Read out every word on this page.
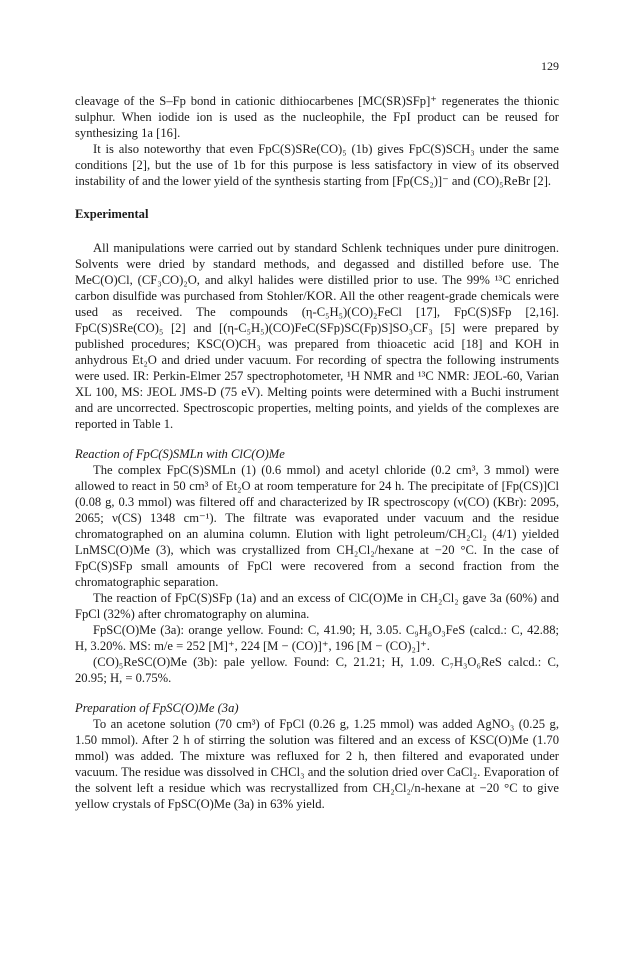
129

cleavage of the S–Fp bond in cationic dithiocarbenes [MC(SR)SFp]⁺ regenerates the thionic sulphur. When iodide ion is used as the nucleophile, the FpI product can be reused for synthesizing 1a [16].

It is also noteworthy that even FpC(S)SRe(CO)₅ (1b) gives FpC(S)SCH₃ under the same conditions [2], but the use of 1b for this purpose is less satisfactory in view of its observed instability of and the lower yield of the synthesis starting from [Fp(CS₂)]⁻ and (CO)₅ReBr [2].

Experimental

All manipulations were carried out by standard Schlenk techniques under pure dinitrogen. Solvents were dried by standard methods, and degassed and distilled before use. The MeC(O)Cl, (CF₃CO)₂O, and alkyl halides were distilled prior to use. The 99% ¹³C enriched carbon disulfide was purchased from Stohler/KOR. All the other reagent-grade chemicals were used as received. The compounds (η-C₅H₅)(CO)₂FeCl [17], FpC(S)SFp [2,16]. FpC(S)SRe(CO)₅ [2] and [(η-C₅H₅)(CO)FeC(SFp)SC(Fp)S]SO₃CF₃ [5] were prepared by published procedures; KSC(O)CH₃ was prepared from thioacetic acid [18] and KOH in anhydrous Et₂O and dried under vacuum. For recording of spectra the following instruments were used. IR: Perkin-Elmer 257 spectrophotometer, ¹H NMR and ¹³C NMR: JEOL-60, Varian XL 100, MS: JEOL JMS-D (75 eV). Melting points were determined with a Buchi instrument and are uncorrected. Spectroscopic properties, melting points, and yields of the complexes are reported in Table 1.

Reaction of FpC(S)SMLn with ClC(O)Me

The complex FpC(S)SMLn (1) (0.6 mmol) and acetyl chloride (0.2 cm³, 3 mmol) were allowed to react in 50 cm³ of Et₂O at room temperature for 24 h. The precipitate of [Fp(CS)]Cl (0.08 g, 0.3 mmol) was filtered off and characterized by IR spectroscopy (ν(CO) (KBr): 2095, 2065; ν(CS) 1348 cm⁻¹). The filtrate was evaporated under vacuum and the residue chromatographed on an alumina column. Elution with light petroleum/CH₂Cl₂ (4/1) yielded LnMSC(O)Me (3), which was crystallized from CH₂Cl₂/hexane at −20 °C. In the case of FpC(S)SFp small amounts of FpCl were recovered from a second fraction from the chromatographic separation.

The reaction of FpC(S)SFp (1a) and an excess of ClC(O)Me in CH₂Cl₂ gave 3a (60%) and FpCl (32%) after chromatography on alumina.

FpSC(O)Me (3a): orange yellow. Found: C, 41.90; H, 3.05. C₉H₈O₃FeS (calcd.: C, 42.88; H, 3.20%. MS: m/e = 252 [M]⁺, 224 [M − (CO)]⁺, 196 [M − (CO)₂]⁺.

(CO)₅ReSC(O)Me (3b): pale yellow. Found: C, 21.21; H, 1.09. C₇H₃O₆ReS calcd.: C, 20.95; H, = 0.75%.

Preparation of FpSC(O)Me (3a)

To an acetone solution (70 cm³) of FpCl (0.26 g, 1.25 mmol) was added AgNO₃ (0.25 g, 1.50 mmol). After 2 h of stirring the solution was filtered and an excess of KSC(O)Me (1.70 mmol) was added. The mixture was refluxed for 2 h, then filtered and evaporated under vacuum. The residue was dissolved in CHCl₃ and the solution dried over CaCl₂. Evaporation of the solvent left a residue which was recrystallized from CH₂Cl₂/n-hexane at −20 °C to give yellow crystals of FpSC(O)Me (3a) in 63% yield.
